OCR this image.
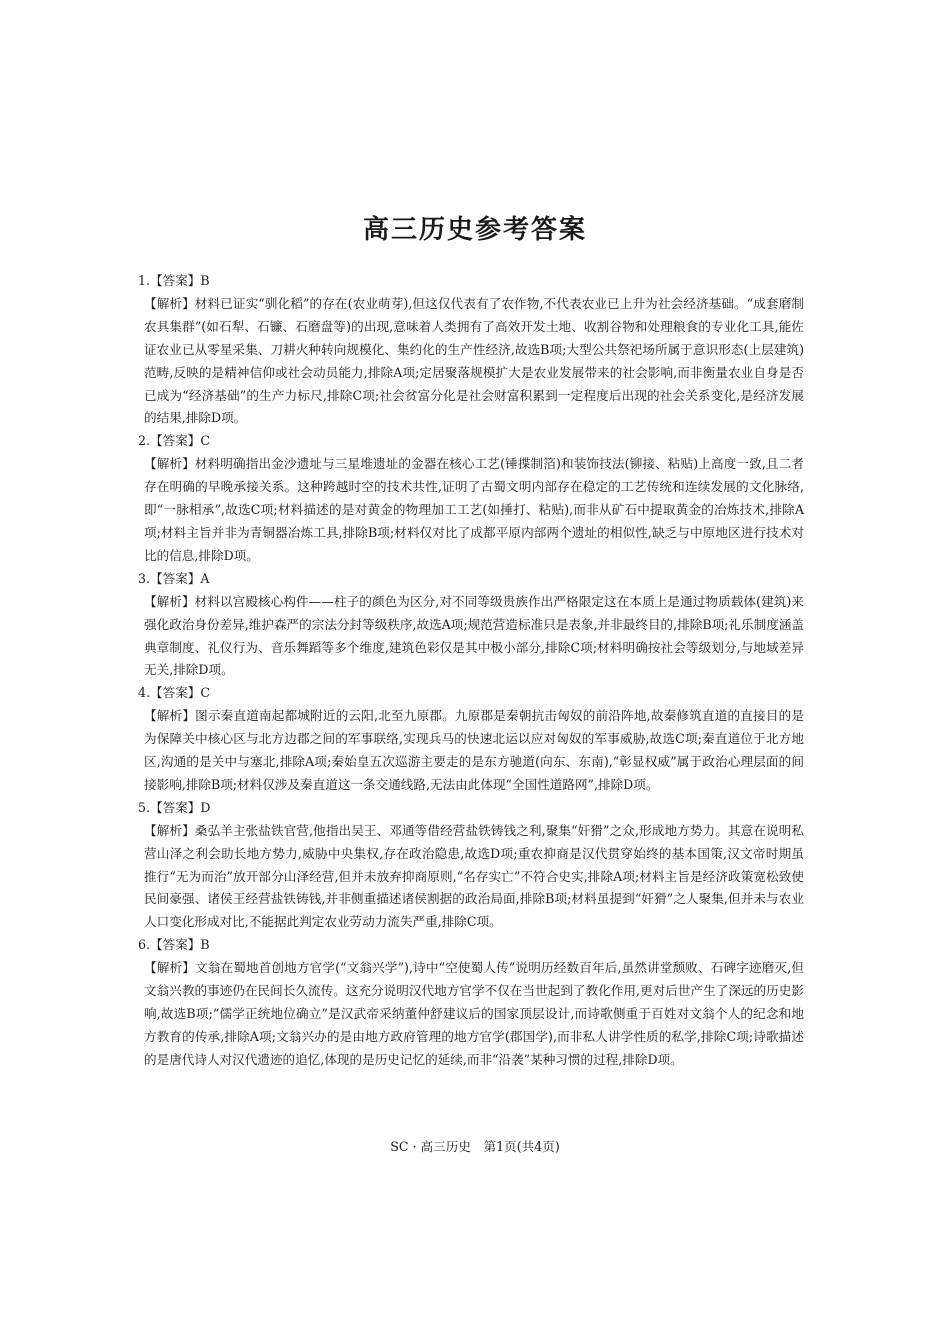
高三历史参考答案

1.【答案】B

【解析】材料已证实“驯化稻”的存在(农业萌芽),但这仅代表有了农作物,不代表农业已上升为社会经济基础。“成套磨制农具集群”(如石犁、石镰、石磨盘等)的出现,意味着人类拥有了高效开发土地、收割谷物和处理粮食的专业化工具,能佐证农业已从零星采集、刀耕火种转向规模化、集约化的生产性经济,故选B项;大型公共祭祀场所属于意识形态(上层建筑)范畴,反映的是精神信仰或社会动员能力,排除A项;定居聚落规模扩大是农业发展带来的社会影响,而非衡量农业自身是否已成为“经济基础”的生产力标尺,排除C项;社会贫富分化是社会财富积累到一定程度后出现的社会关系变化,是经济发展的结果,排除D项。

2.【答案】C

【解析】材料明确指出金沙遗址与三星堆遗址的金器在核心工艺(锤揲制箔)和装饰技法(铆接、粘贴)上高度一致,且二者存在明确的早晚承接关系。这种跨越时空的技术共性,证明了古蜀文明内部存在稳定的工艺传统和连续发展的文化脉络,即“一脉相承”,故选C项;材料描述的是对黄金的物理加工工艺(如捶打、粘贴),而非从矿石中提取黄金的冶炼技术,排除A项;材料主旨并非为青铜器冶炼工具,排除B项;材料仅对比了成都平原内部两个遗址的相似性,缺乏与中原地区进行技术对比的信息,排除D项。

3.【答案】A

【解析】材料以宫殿核心构件——柱子的颜色为区分,对不同等级贵族作出严格限定这在本质上是通过物质载体(建筑)来强化政治身份差异,维护森严的宗法分封等级秩序,故选A项;规范营造标准只是表象,并非最终目的,排除B项;礼乐制度涵盖典章制度、礼仪行为、音乐舞蹈等多个维度,建筑色彩仅是其中极小部分,排除C项;材料明确按社会等级划分,与地域差异无关,排除D项。

4.【答案】C

【解析】图示秦直道南起都城附近的云阳,北至九原郡。九原郡是秦朝抗击匈奴的前沿阵地,故秦修筑直道的直接目的是为保障关中核心区与北方边郡之间的军事联络,实现兵马的快速北运以应对匈奴的军事威胁,故选C项;秦直道位于北方地区,沟通的是关中与塞北,排除A项;秦始皇五次巡游主要走的是东方驰道(向东、东南),“彰显权威”属于政治心理层面的间接影响,排除B项;材料仅涉及秦直道这一条交通线路,无法由此体现“全国性道路网”,排除D项。

5.【答案】D

【解析】桑弘羊主张盐铁官营,他指出吴王、邓通等借经营盐铁铸钱之利,聚集“奸猾”之众,形成地方势力。其意在说明私营山泽之利会助长地方势力,威胁中央集权,存在政治隐患,故选D项;重农抑商是汉代贯穿始终的基本国策,汉文帝时期虽推行“无为而治”放开部分山泽经营,但并未放弃抑商原则,“名存实亡”不符合史实,排除A项;材料主旨是经济政策宽松致使民间豪强、诸侯王经营盐铁铸钱,并非侧重描述诸侯割据的政治局面,排除B项;材料虽提到“奸猾”之人聚集,但并未与农业人口变化形成对比,不能据此判定农业劳动力流失严重,排除C项。

6.【答案】B

【解析】文翁在蜀地首创地方官学(“文翁兴学”),诗中“空使蜀人传”说明历经数百年后,虽然讲堂颓败、石碑字迹磨灭,但文翁兴教的事迹仍在民间长久流传。这充分说明汉代地方官学不仅在当世起到了教化作用,更对后世产生了深远的历史影响,故选B项;“儒学正统地位确立”是汉武帝采纳董仲舒建议后的国家顶层设计,而诗歌侧重于百姓对文翁个人的纪念和地方教育的传承,排除A项;文翁兴办的是由地方政府管理的地方官学(郡国学),而非私人讲学性质的私学,排除C项;诗歌描述的是唐代诗人对汉代遗迹的追忆,体现的是历史记忆的延续,而非“沿袭”某种习惯的过程,排除D项。

SC · 高三历史　第1页(共4页)
